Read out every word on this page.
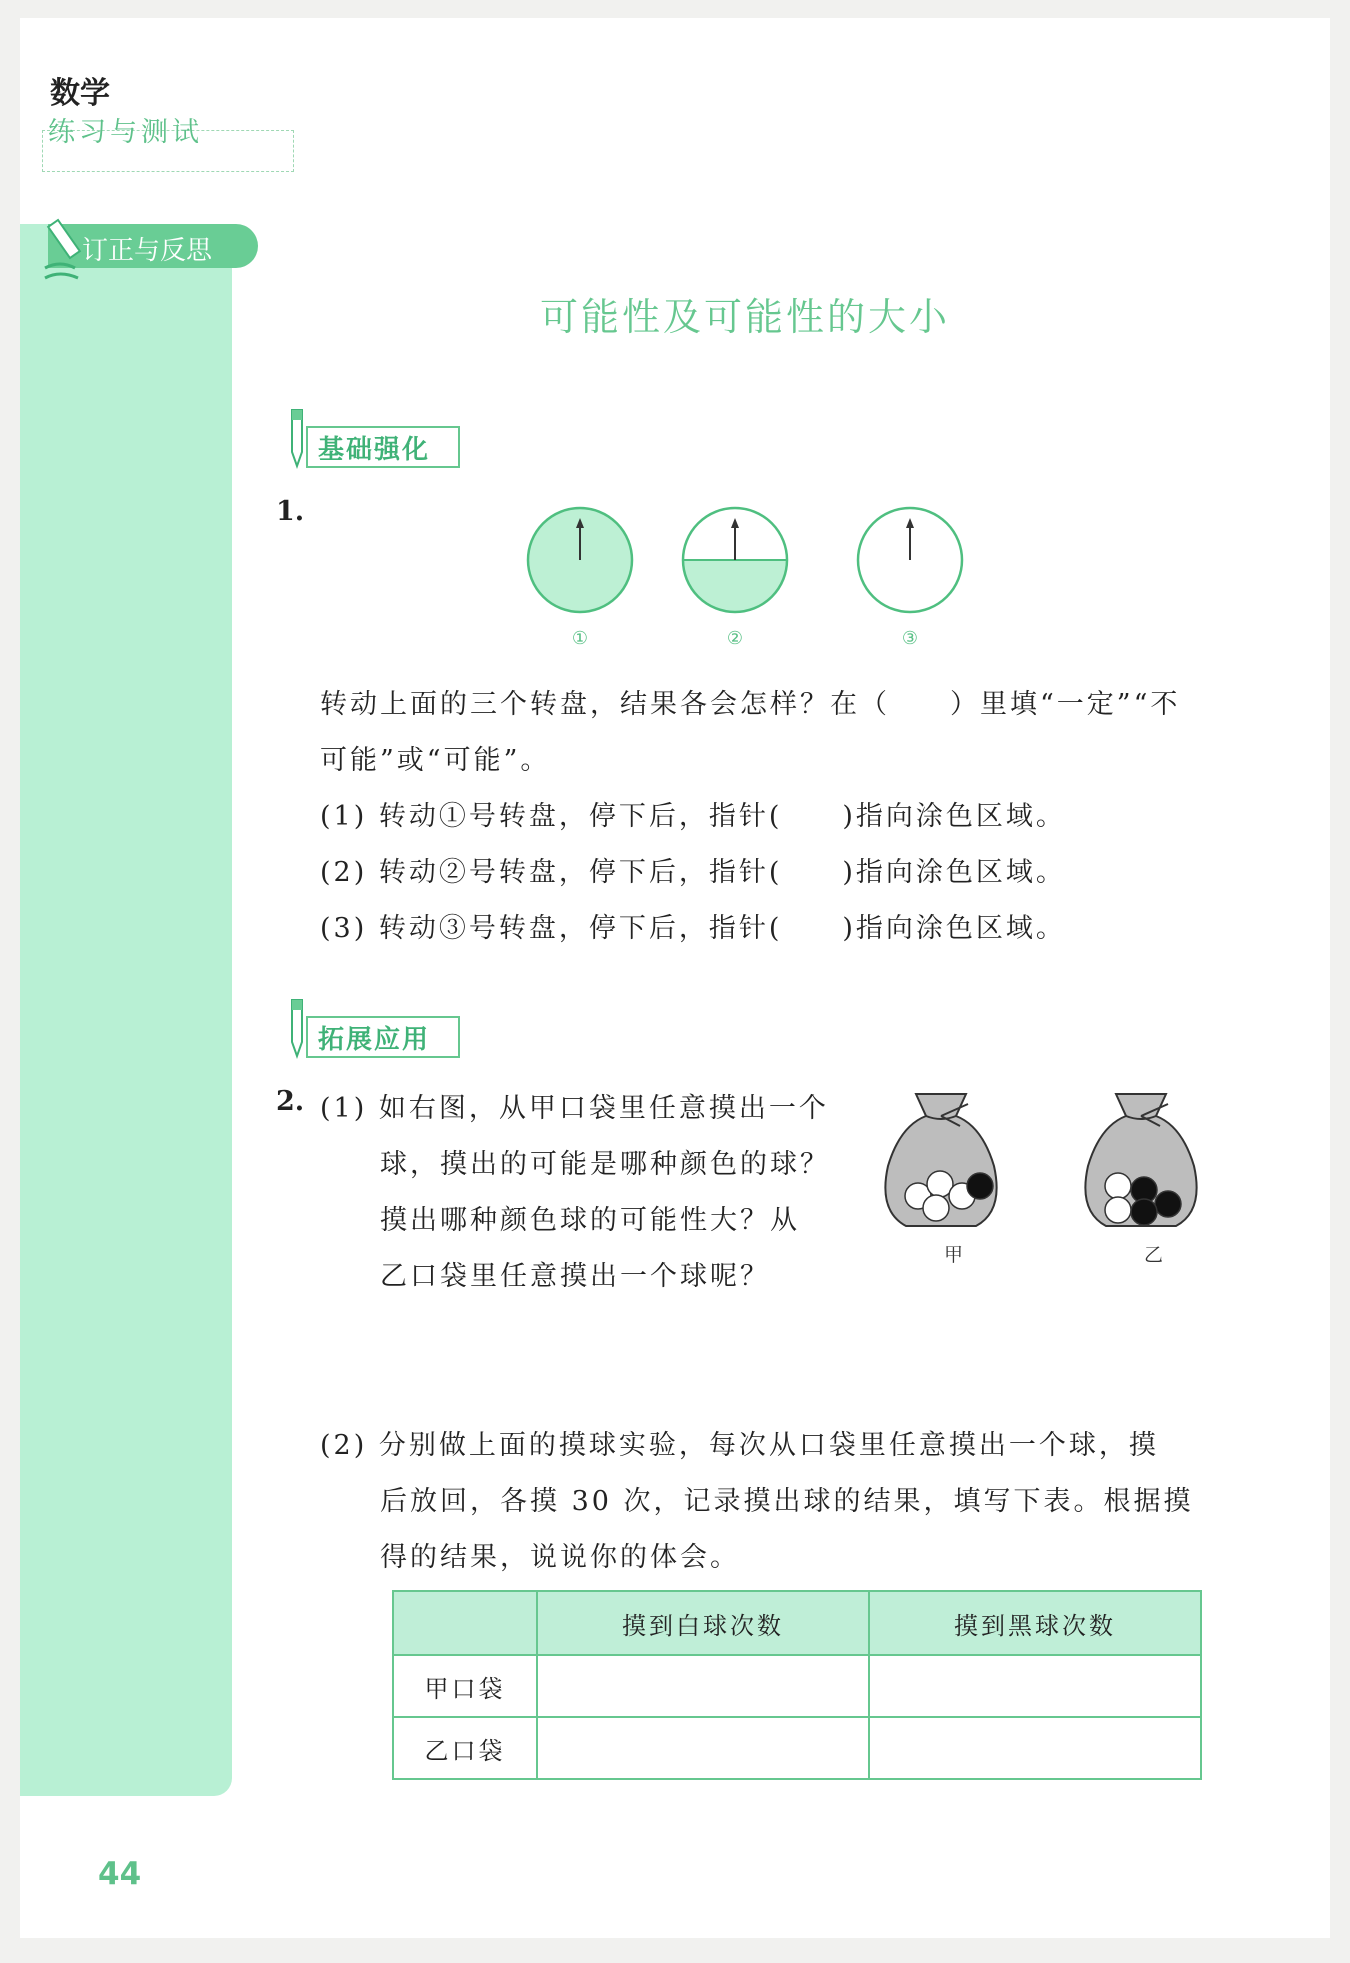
数学
练习与测试
订正与反思
可能性及可能性的大小
基础强化
1.
①	②	③
转动上面的三个转盘，结果各会怎样？在（　　）里填“一定”“不
可能”或“可能”。
(1) 转动①号转盘，停下后，指针(　　)指向涂色区域。
(2) 转动②号转盘，停下后，指针(　　)指向涂色区域。
(3) 转动③号转盘，停下后，指针(　　)指向涂色区域。
拓展应用
2. (1) 如右图，从甲口袋里任意摸出一个
球，摸出的可能是哪种颜色的球？
摸出哪种颜色球的可能性大？从
乙口袋里任意摸出一个球呢？
甲	乙
(2) 分别做上面的摸球实验，每次从口袋里任意摸出一个球，摸
后放回，各摸 30 次，记录摸出球的结果，填写下表。根据摸
得的结果，说说你的体会。
	摸到白球次数	摸到黑球次数
甲口袋		
乙口袋		
44
